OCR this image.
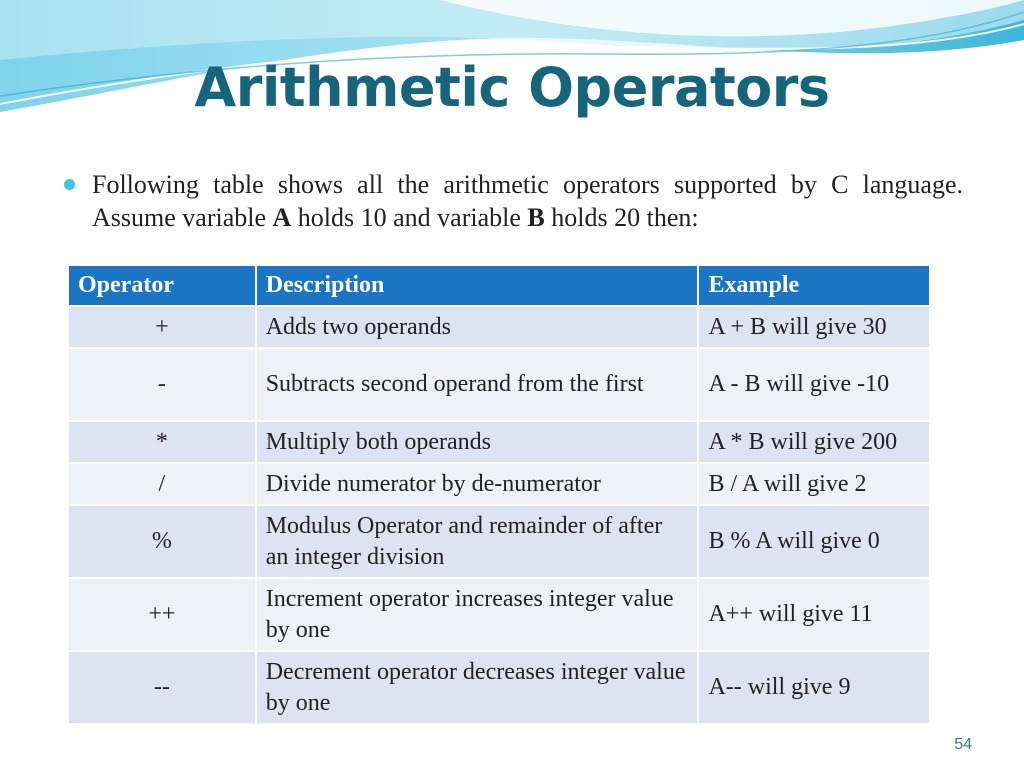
Arithmetic Operators

Following table shows all the arithmetic operators supported by C language. Assume variable A holds 10 and variable B holds 20 then:

Operator	Description	Example
+	Adds two operands	A + B will give 30
-	Subtracts second operand from the first	A - B will give -10
*	Multiply both operands	A * B will give 200
/	Divide numerator by de-numerator	B / A will give 2
%	Modulus Operator and remainder of after an integer division	B % A will give 0
++	Increment operator increases integer value by one	A++ will give 11
--	Decrement operator decreases integer value by one	A-- will give 9
54
